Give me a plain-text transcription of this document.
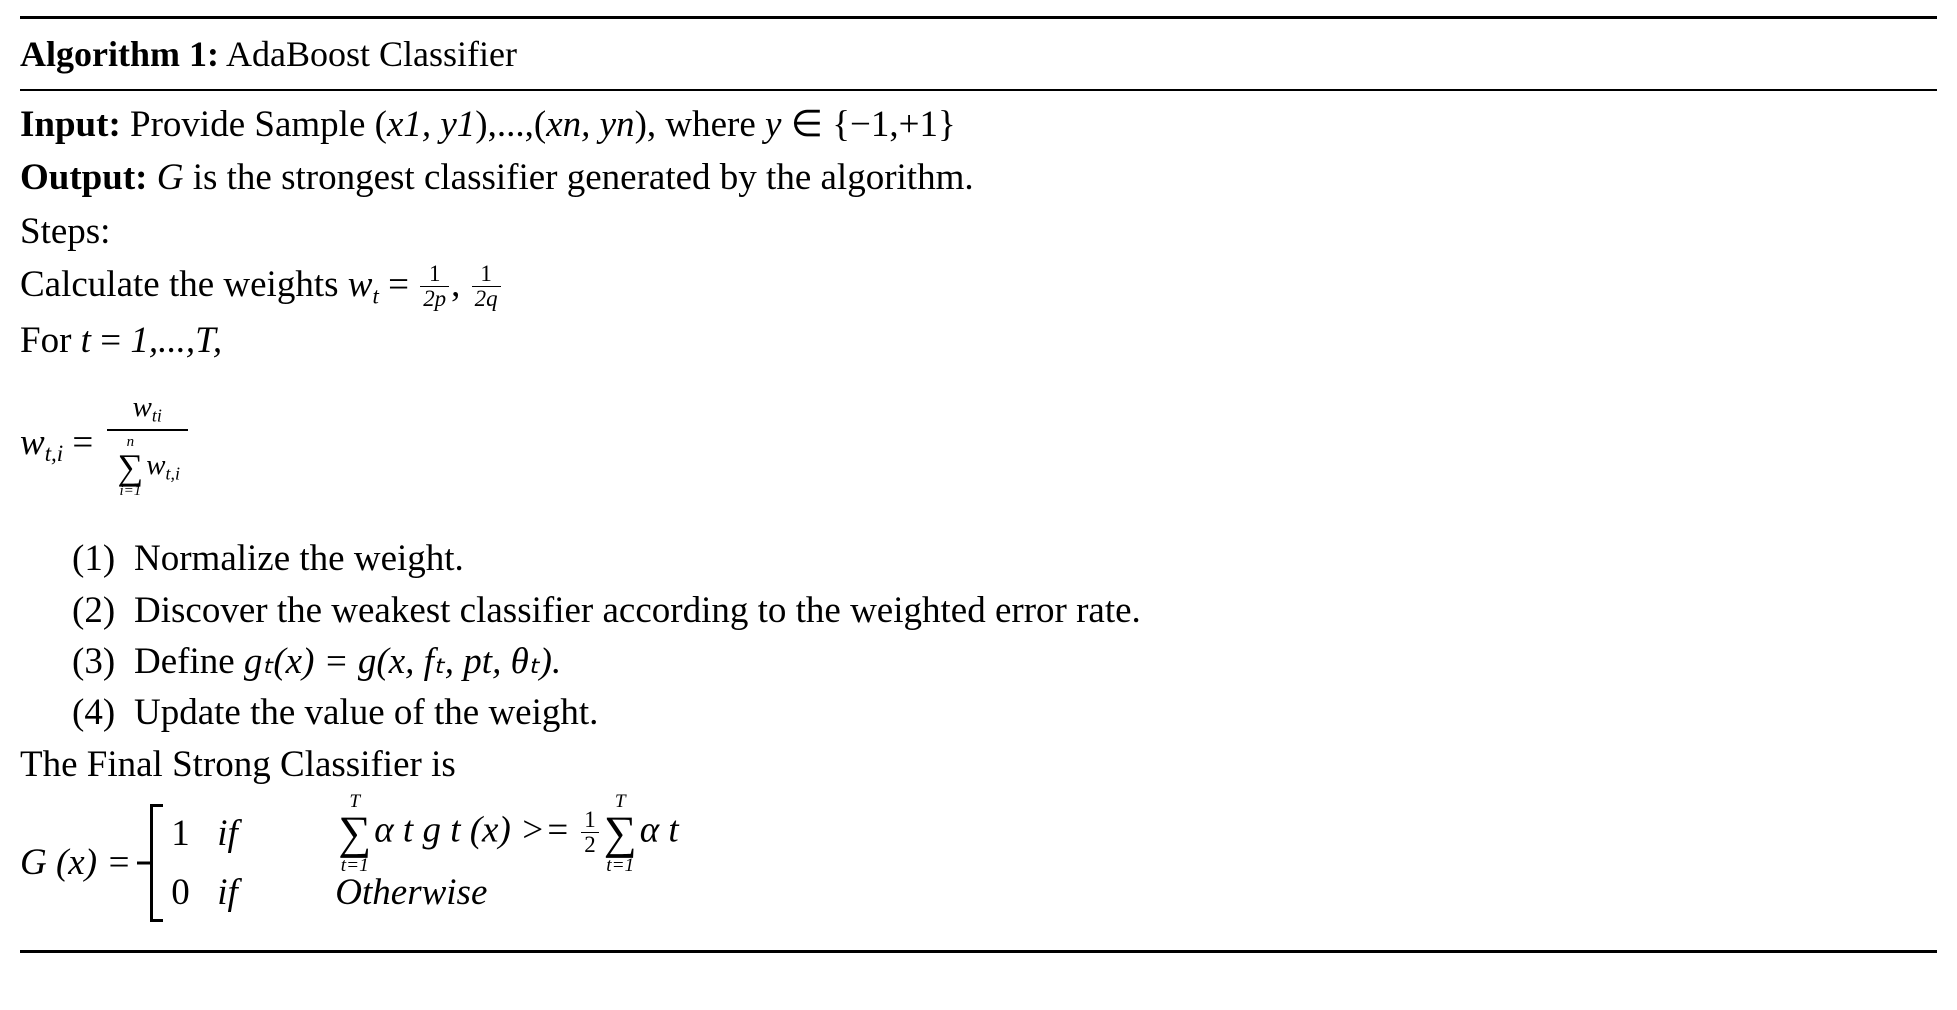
Algorithm 1: AdaBoost Classifier
Input: Provide Sample (x1, y1),...,(xn, yn), where y ∈ {−1,+1}
Output: G is the strongest classifier generated by the algorithm.
Steps:
Calculate the weights $w_t = \frac{1}{2p}$ , $\frac{1}{2q}$
For t = 1,...,T,
$w_{t,i} = w_{ti}$
n
∑
i=1
$w_{t,i}$
(1) Normalize the weight.
(2) Discover the weakest classifier according to the weighted error rate.
(3) Define gₜ(x) = g(x, fₜ, pt, θₜ).
(4) Update the value of the weight.
The Final Strong Classifier is
G (x) =
1 if
T
∑
t=1
α t g t $(x) >= \frac{1}{2}$
T
∑
t=1
α t
0 if	Otherwise
